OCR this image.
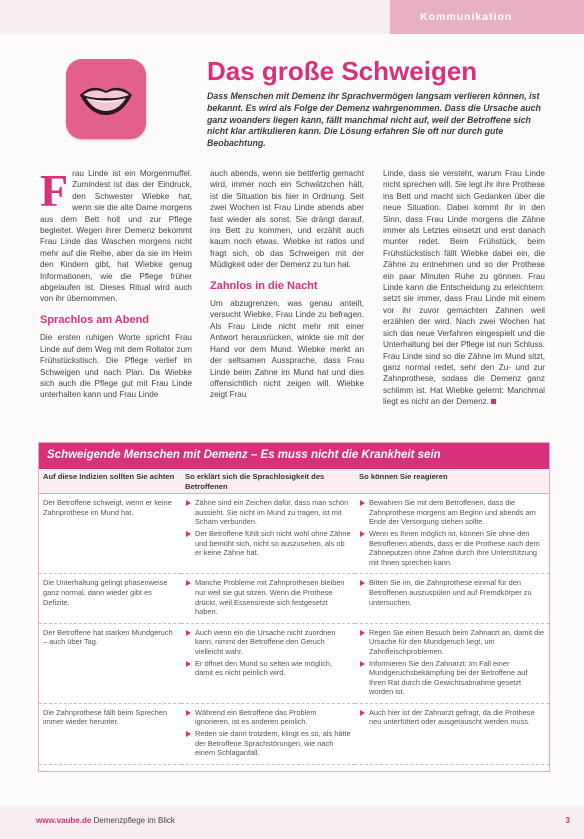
Kommunikation
Das große Schweigen

Dass Menschen mit Demenz ihr Sprachvermögen langsam verlieren können, ist bekannt. Es wird als Folge der Demenz wahrgenommen. Dass die Ursache auch ganz woanders liegen kann, fällt manchmal nicht auf, weil der Betroffene sich nicht klar artikulieren kann. Die Lösung erfahren Sie oft nur durch gute Beobachtung.

F rau Linde ist ein Morgenmuffel. Zumindest ist das der Eindruck, den Schwester Wiebke hat, wenn sie die alte Dame morgens aus dem Bett holt und zur Pflege begleitet. Wegen ihrer Demenz bekommt Frau Linde das Waschen morgens nicht mehr auf die Reihe, aber da sie im Heim den Kindern gibt, hat Wiebke genug Informationen, wie die Pflege früher abgelaufen ist. Dieses Ritual wird auch von ihr übernommen.

Sprachlos am Abend

Die ersten ruhigen Worte spricht Frau Linde auf dem Weg mit dem Rollator zum Frühstückstisch. Die Pflege verlief im Schweigen und nach Plan. Da Wiebke sich auch die Pflege gut mit Frau Linde unterhalten kann und Frau Linde

auch abends, wenn sie bettfertig gemacht wird, immer noch ein Schwätzchen hält, ist die Situation bis hier in Ordnung. Seit zwei Wochen ist Frau Linde abends aber fast wieder als sonst. Sie drängt darauf, ins Bett zu kommen, und erzählt auch kaum noch etwas. Wiebke ist ratlos und fragt sich, ob das Schweigen mit der Müdigkeit oder der Demenz zu tun hat.

Zahnlos in die Nacht

Um abzugrenzen, was genau anteilt, versucht Wiebke, Frau Linde zu befragen. Als Frau Linde nicht mehr mit einer Antwort herausrücken, winkte sie mit der Hand vor dem Mund. Wiebke merkt an der seltsamen Aussprache, dass Frau Linde beim Zahne im Mund hat und dies offensichtlich nicht zeigen will. Wiebke zeigt Frau

Linde, dass sie versteht, warum Frau Linde nicht sprechen will. Sie legt ihr ihre Prothese ins Bett und macht sich Gedanken über die neue Situation. Dabei kommt ihr in den Sinn, dass Frau Linde morgens die Zähne immer als Letztes einsetzt und erst danach munter redet. Beim Frühstück, beim Frühstückstisch fällt Wiebke dabei ein, die Zähne zu entnehmen und so der Prothese ein paar Minuten Ruhe zu gönnen. Frau Linde kann die Entscheidung zu erleichtern: setzt sie immer, dass Frau Linde mit einem vor ihr zuvor gemachten Zahnen weil erzählen der wird. Nach zwei Wochen hat sich das neue Verfahren eingespielt und die Unterhaltung bei der Pflege ist nun Schluss. Frau Linde sind so die Zähne im Mund sitzt, ganz normal redet, sehr den Zu- und zur Zahnprothese, sodass die Demenz ganz schlimm ist. Hat Wiebke gelernt: Manchmal liegt es nicht an der Demenz.

Schweigende Menschen mit Demenz – Es muss nicht die Krankheit sein
Auf diese Indizien sollten Sie achten	So erklärt sich die Sprachlosigkeit des Betroffenen
So können Sie reagieren
Der Betroffene schweigt, wenn er keine Zahnprothese im Mund hat.
Zähne sind ein Zeichen dafür, dass man schön aussieht. Sie nicht im Mund zu tragen, ist mit Scham verbunden.
Der Betroffene fühlt sich nicht wohl ohne Zähne und bemüht sich, nicht so auszusehen, als ob er keine Zähne hat.
Bewahren Sie mit dem Betroffenen, dass die Zahnprothese morgens am Beginn und abends am Ende der Versorgung stehen sollte.
Wenn es Ihnen möglich ist, können Sie ohne den Betroffenen abends, dass er die Prothese nach dem Zähneputzen ohne Zähne durch Ihre Unterstützung mit Ihnen sprechen kann.
Die Unterhaltung gelingt phasenweise ganz normal, dann wieder gibt es Defizite.
Manche Probleme mit Zahnprothesen bleiben nur weil sie gut sitzen. Wenn die Prothese drückt, weil Essensreste sich festgesetzt haben.
Bitten Sie im, die Zahnprothese einmal für den Betroffenen auszuspülen und auf Fremdkörper zu untersuchen.
Der Betroffene hat starken Mundgeruch – auch über Tag.
Auch wenn ein die Ursache nicht zuordnen kann, nimmt der Betroffene den Geruch vielleicht wahr.
Er öffnet den Mund so selten wie möglich, damit es nicht peinlich wird.
Regen Sie einen Besuch beim Zahnarzt an, damit die Ursache für den Mundgeruch liegt, um Zahnfleischproblemen.
Informieren Sie den Zahnarzt: Im Fall einer Mundgeruchsbekämpfung bei der Betroffene auf Ihren Rat durch die Gewichtsabnahme gesetzt worden ist.
Die Zahnprothese fällt beim Sprechen immer wieder herunter.
Während ein Betroffene das Problem ignorieren, ist es anderen peinlich.
Reden sie dann trotzdem, klingt es so, als hätte der Betroffene Sprachstörungen, wie nach einem Schlaganfall.
Auch hier ist der Zahnarzt gefragt, da die Prothese neu unterfüttert oder ausgetauscht werden muss.
www.vaube.de Demenzpflege im Blick	3
